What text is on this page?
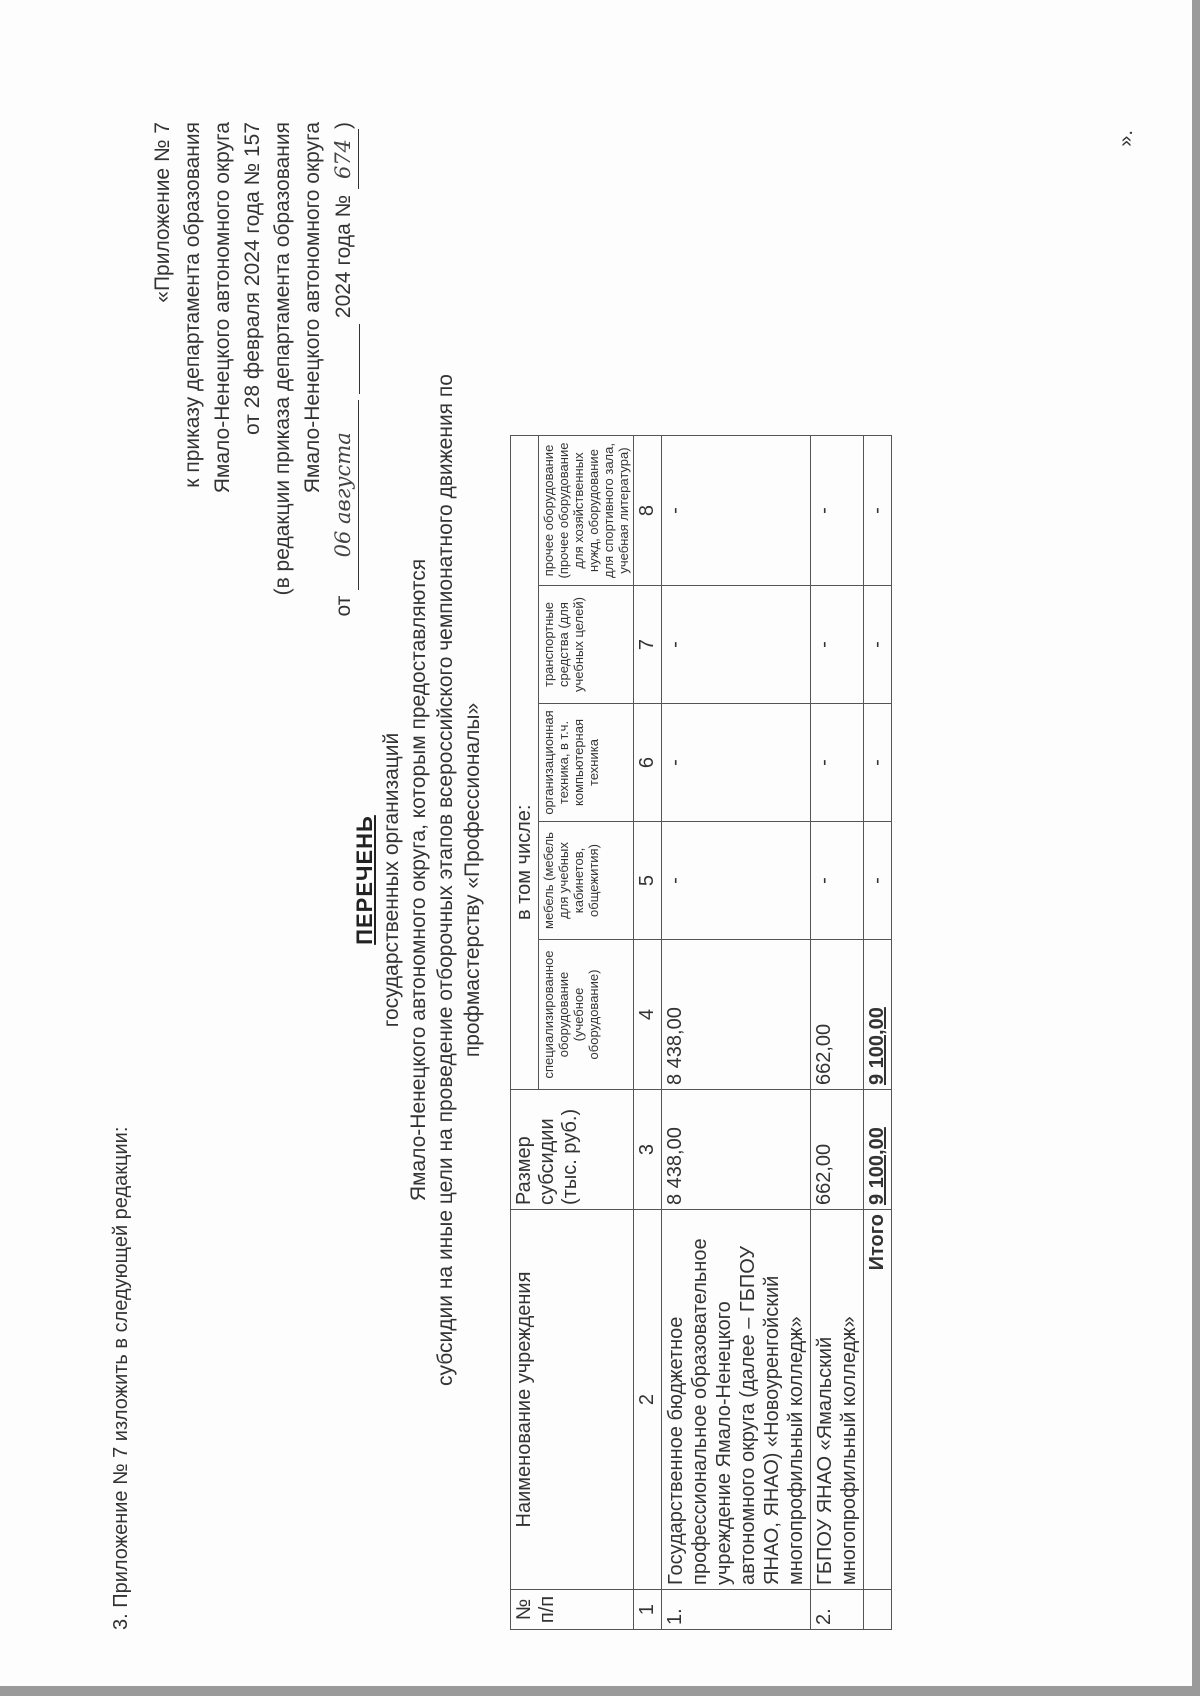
3. Приложение № 7 изложить в следующей редакции:
«Приложение № 7 к приказу департамента образования Ямало-Ненецкого автономного округа от 28 февраля 2024 года № 157 (в редакции приказа департамента образования Ямало-Ненецкого автономного округа
от 06 августа   2024 года № 674)
ПЕРЕЧЕНЬ государственных организаций Ямало-Ненецкого автономного округа, которым предоставляются субсидии на иные цели на проведение отборочных этапов всероссийского чемпионатного движения по профмастерству «Профессионалы»
№ п/п	Наименование учреждения	Размер субсидии (тыс. руб.)	в том числе:				
			специализированное оборудование (учебное оборудование)	мебель (мебель для учебных кабинетов, общежития)	организационная техника, в т.ч. компьютерная техника	транспортные средства (для учебных целей)	прочее оборудование (прочее оборудование для хозяйственных нужд, оборудование для спортивного зала, учебная литература)
1	2	3	4	5	6	7	8
1.	Государственное бюджетное профессиональное образовательное учреждение Ямало-Ненецкого автономного округа (далее – ГБПОУ ЯНАО, ЯНАО) «Новоуренгойский многопрофильный колледж»	8 438,00	8 438,00	-	-	-	-
2.	ГБПОУ ЯНАО «Ямальский многопрофильный колледж»	662,00	662,00	-	-	-	-
	Итого	9 100,00	9 100,00	-	-	-	-
».
